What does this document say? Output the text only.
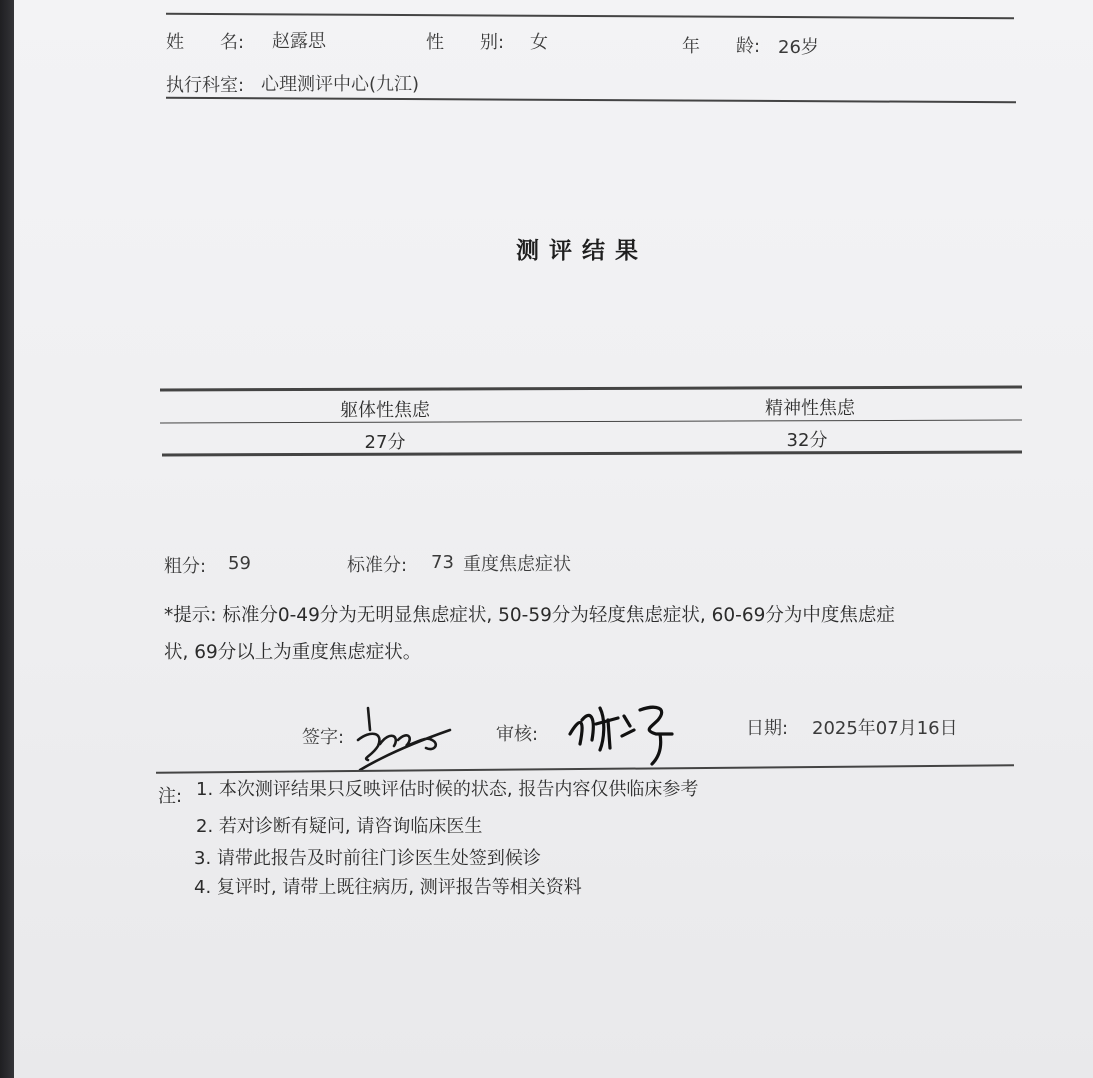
姓　　名: 赵露思	性　　别: 女	年　　龄: 26岁
执行科室: 心理测评中心(九江)
测评结果
躯体性焦虑	精神性焦虑
27分	32分
粗分: 59	标准分: 73 重度焦虑症状
*提示: 标准分0-49分为无明显焦虑症状, 50-59分为轻度焦虑症状, 60-69分为中度焦虑症
状, 69分以上为重度焦虑症状。
签字:	审核:	日期: 2025年07月16日
注: 1. 本次测评结果只反映评估时候的状态, 报告内容仅供临床参考
2. 若对诊断有疑问, 请咨询临床医生
3. 请带此报告及时前往门诊医生处签到候诊
4. 复评时, 请带上既往病历, 测评报告等相关资料
